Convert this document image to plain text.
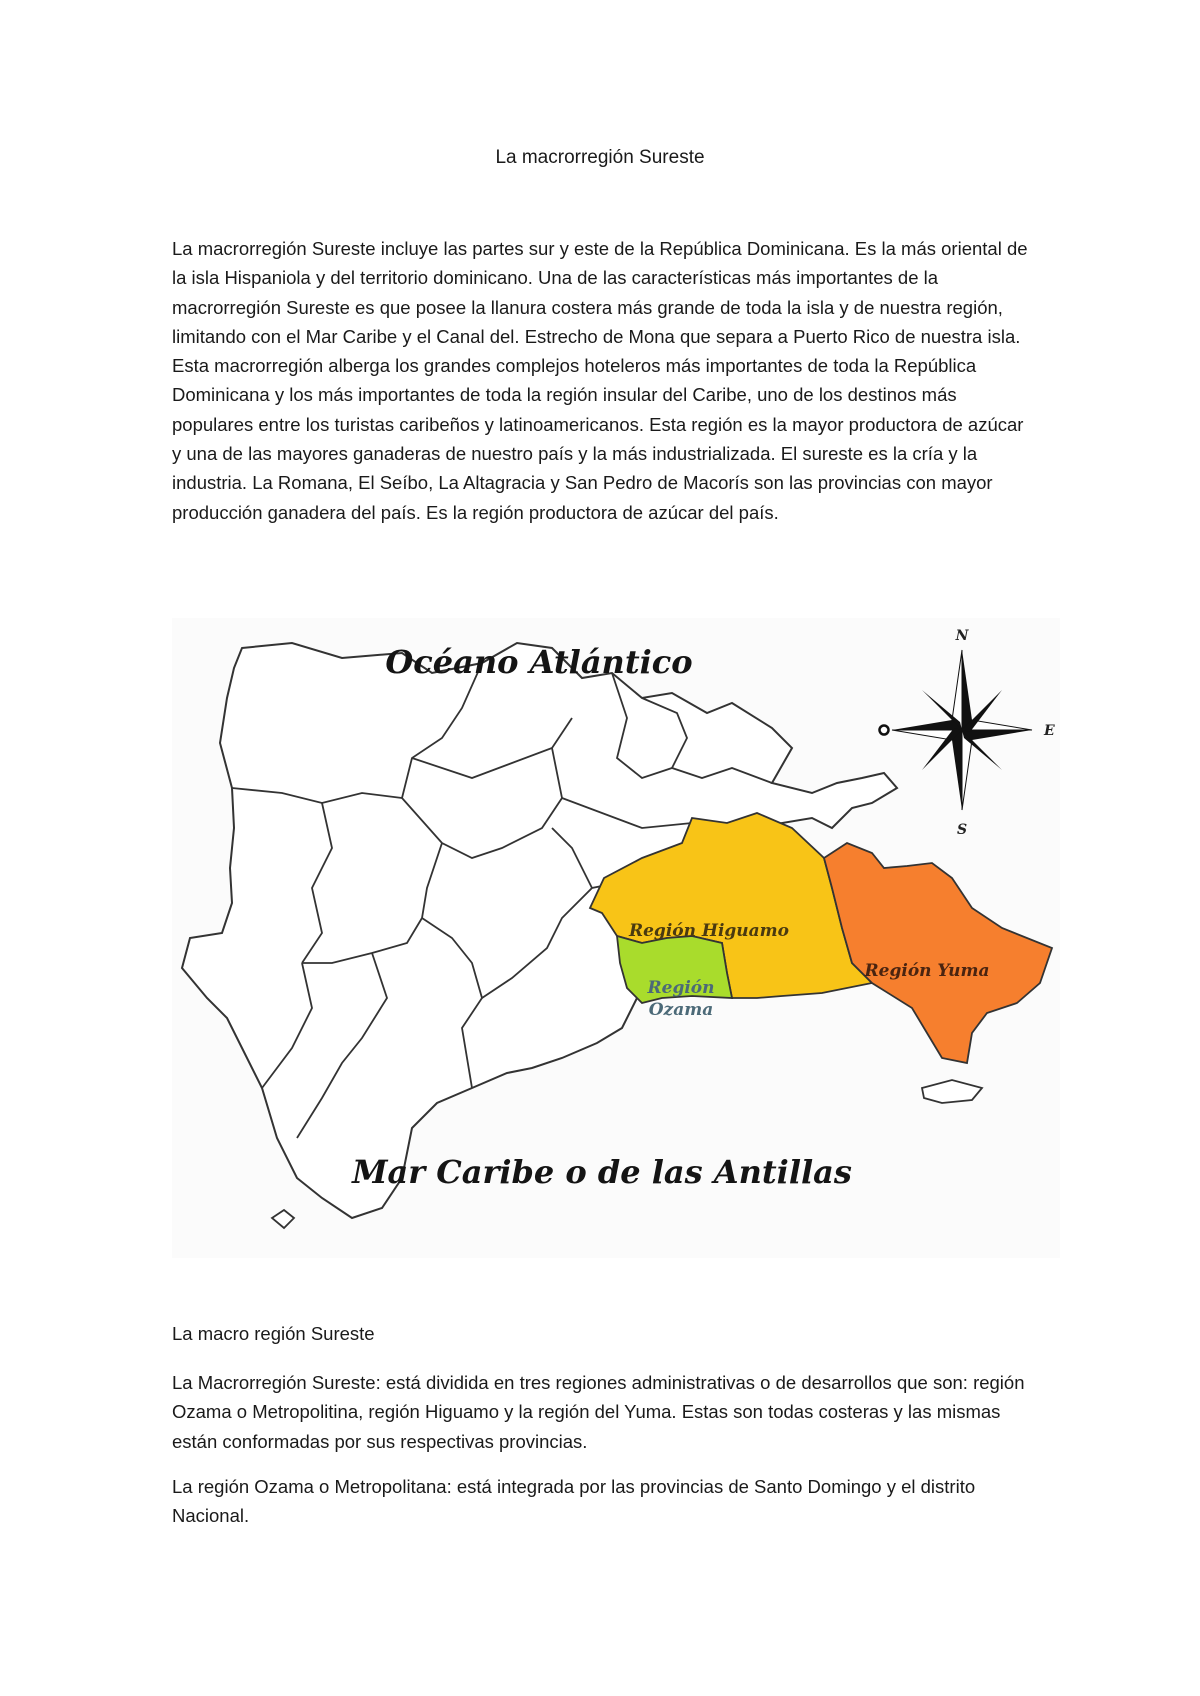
La macrorregión Sureste

La macrorregión Sureste incluye las partes sur y este de la República Dominicana. Es la más oriental de la isla Hispaniola y del territorio dominicano. Una de las características más importantes de la macrorregión Sureste es que posee la llanura costera más grande de toda la isla y de nuestra región, limitando con el Mar Caribe y el Canal del. Estrecho de Mona que separa a Puerto Rico de nuestra isla. Esta macrorregión alberga los grandes complejos hoteleros más importantes de toda la República Dominicana y los más importantes de toda la región insular del Caribe, uno de los destinos más populares entre los turistas caribeños y latinoamericanos. Esta región es la mayor productora de azúcar y una de las mayores ganaderas de nuestro país y la más industrializada. El sureste es la cría y la industria. La Romana, El Seíbo, La Altagracia y San Pedro de Macorís son las provincias con mayor producción ganadera del país. Es la región productora de azúcar del país.

Océano Atlántico
Mar Caribe o de las Antillas
Región Higuamo
Región
Ozama
Región Yuma
N
S
E
O

La macro región Sureste

La Macrorregión Sureste: está dividida en tres regiones administrativas o de desarrollos que son: región Ozama o Metropolitina, región Higuamo y la región del Yuma. Estas son todas costeras y las mismas están conformadas por sus respectivas provincias.

La región Ozama o Metropolitana: está integrada por las provincias de Santo Domingo y el distrito Nacional.
